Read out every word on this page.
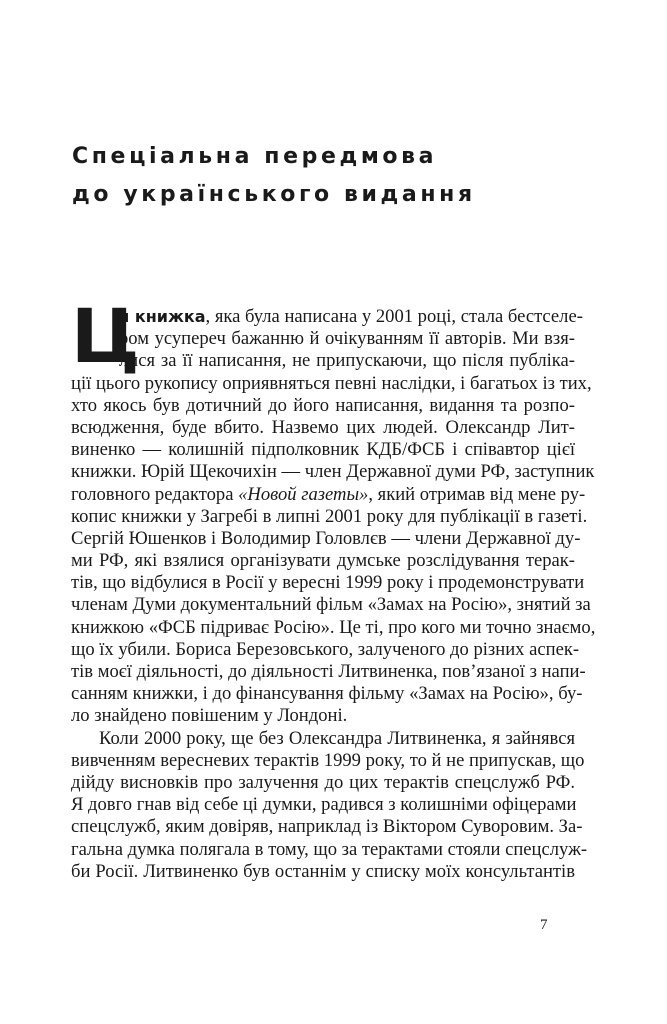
Спеціальна передмова
до українського видання
Ц
я книжка, яка була написана у 2001 році, стала бестселе-
ром усупереч бажанню й очікуванням її авторів. Ми взя-
лися за її написання, не припускаючи, що після публіка-
ції цього рукопису оприявняться певні наслідки, і багатьох із тих,
хто якось був дотичний до його написання, видання та розпо-
всюдження, буде вбито. Назвемо цих людей. Олександр Лит-
виненко — колишній підполковник КДБ/ФСБ і співавтор цієї
книжки. Юрій Щекочихін — член Державної думи РФ, заступник
головного редактора «Новой газеты», який отримав від мене ру-
копис книжки у Загребі в липні 2001 року для публікації в газеті.
Сергій Юшенков і Володимир Головлєв — члени Державної ду-
ми РФ, які взялися організувати думське розслідування терак-
тів, що відбулися в Росії у вересні 1999 року і продемонструвати
членам Думи документальний фільм «Замах на Росію», знятий за
книжкою «ФСБ підриває Росію». Це ті, про кого ми точно знаємо,
що їх убили. Бориса Березовського, залученого до різних аспек-
тів моєї діяльності, до діяльності Литвиненка, пов’язаної з напи-
санням книжки, і до фінансування фільму «Замах на Росію», бу-
ло знайдено повішеним у Лондоні.
Коли 2000 року, ще без Олександра Литвиненка, я зайнявся
вивченням вересневих терактів 1999 року, то й не припускав, що
дійду висновків про залучення до цих терактів спецслужб РФ.
Я довго гнав від себе ці думки, радився з колишніми офіцерами
спецслужб, яким довіряв, наприклад із Віктором Суворовим. За-
гальна думка полягала в тому, що за терактами стояли спецслуж-
би Росії. Литвиненко був останнім у списку моїх консультантів
7
